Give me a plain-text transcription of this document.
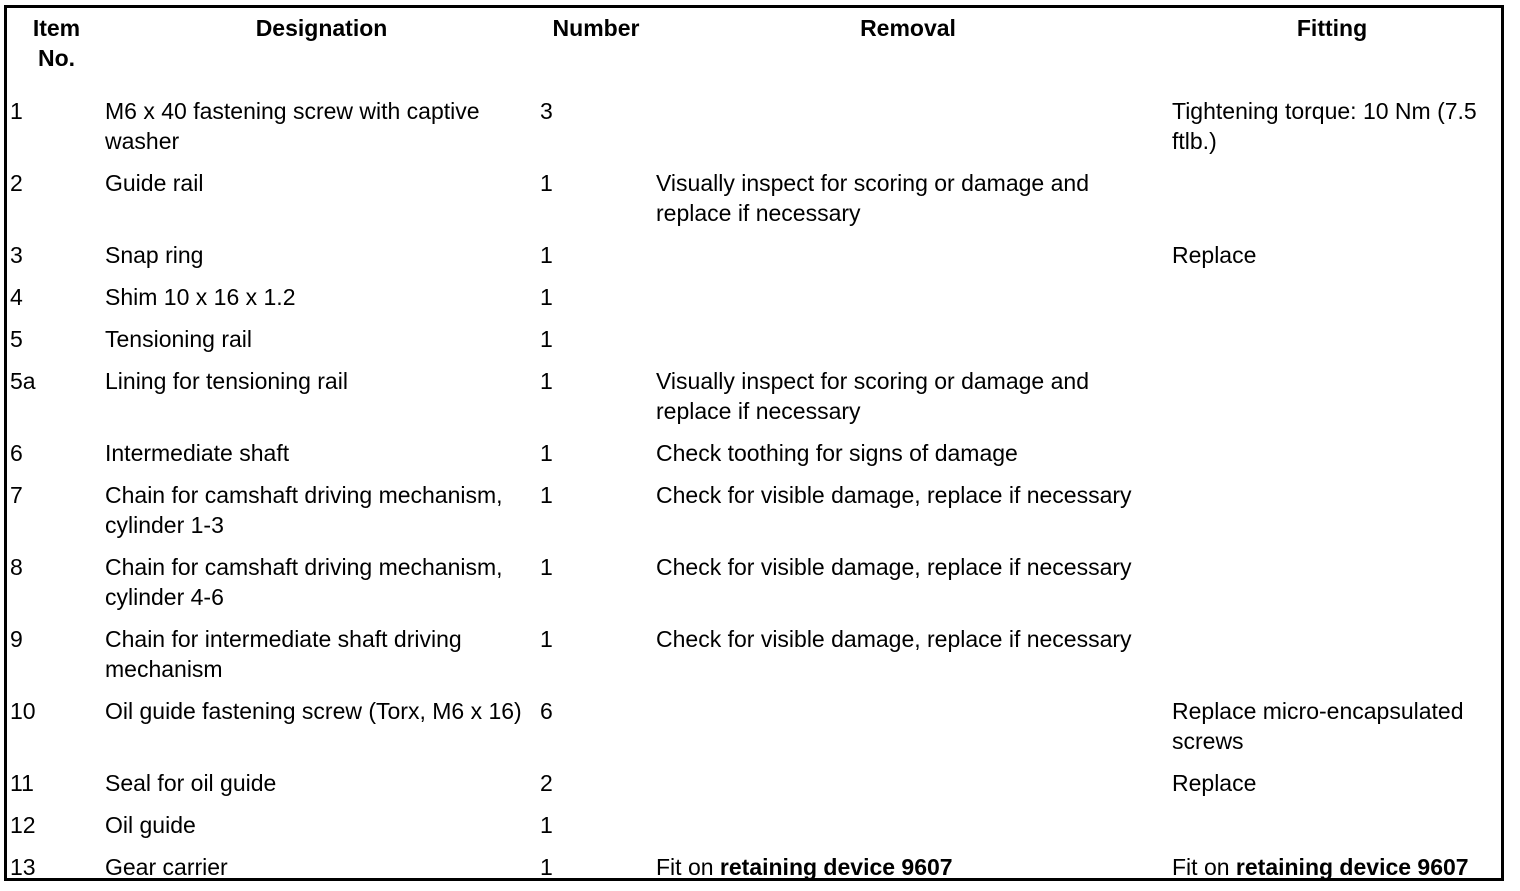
Item No.	Designation	Number	Removal	Fitting
1	M6 x 40 fastening screw with captive washer	3		Tightening torque: 10 Nm (7.5 ftlb.)
2	Guide rail	1	Visually inspect for scoring or damage and replace if necessary	
3	Snap ring	1		Replace
4	Shim 10 x 16 x 1.2	1		
5	Tensioning rail	1		
5a	Lining for tensioning rail	1	Visually inspect for scoring or damage and replace if necessary	
6	Intermediate shaft	1	Check toothing for signs of damage	
7	Chain for camshaft driving mechanism, cylinder 1-3	1	Check for visible damage, replace if necessary	
8	Chain for camshaft driving mechanism, cylinder 4-6	1	Check for visible damage, replace if necessary	
9	Chain for intermediate shaft driving mechanism	1	Check for visible damage, replace if necessary	
10	Oil guide fastening screw (Torx, M6 x 16)	6		Replace micro-encapsulated screws
11	Seal for oil guide	2		Replace
12	Oil guide	1		
13	Gear carrier	1	Fit on retaining device 9607	Fit on retaining device 9607
